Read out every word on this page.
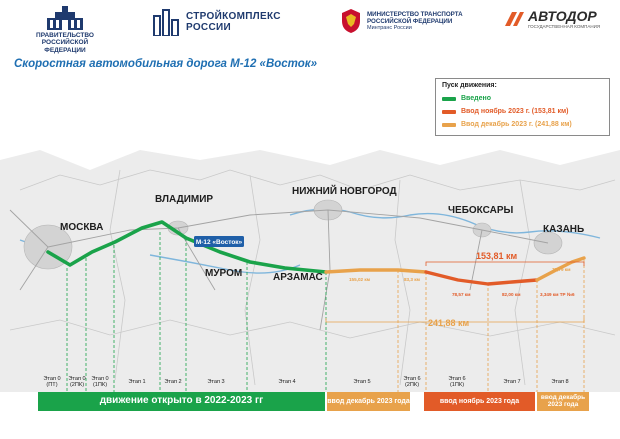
ПРАВИТЕЛЬСТВО
РОССИЙСКОЙ ФЕДЕРАЦИИ
СТРОЙКОМПЛЕКС
РОССИИ
МИНИСТЕРСТВО ТРАНСПОРТА
РОССИЙСКОЙ ФЕДЕРАЦИИ
Минтранс России
АВТОДОР
ГОСУДАРСТВЕННАЯ КОМПАНИЯ
Скоростная автомобильная дорога М-12 «Восток»
МОСКВА
ВЛАДИМИР
МУРОМ	АРЗАМАС
НИЖНИЙ НОВГОРОД
ЧЕБОКСАРЫ
КАЗАНЬ
М-12 «Восток»
153,81 км
241,88 км
155,02 км	83,3 км
78,57 км	82,00 км	3,349 км ТР №6
72,79 км
Этап 0 (ПТ)
Этап 0 (2ПК)
Этап 0 (1ПК)	Этап 1	Этап 2	Этап 3	Этап 4	Этап 5	Этап 6 (2ПК)
Этап 6 (1ПК)	Этап 7	Этап 8
Пуск движения:
Введено
Ввод ноябрь 2023 г. (153,81 км)
Ввод декабрь 2023 г. (241,88 км)
движение открыто в 2022-2023 гг	ввод декабрь 2023 года	ввод ноябрь 2023 года
ввод декабрь 2023 года
